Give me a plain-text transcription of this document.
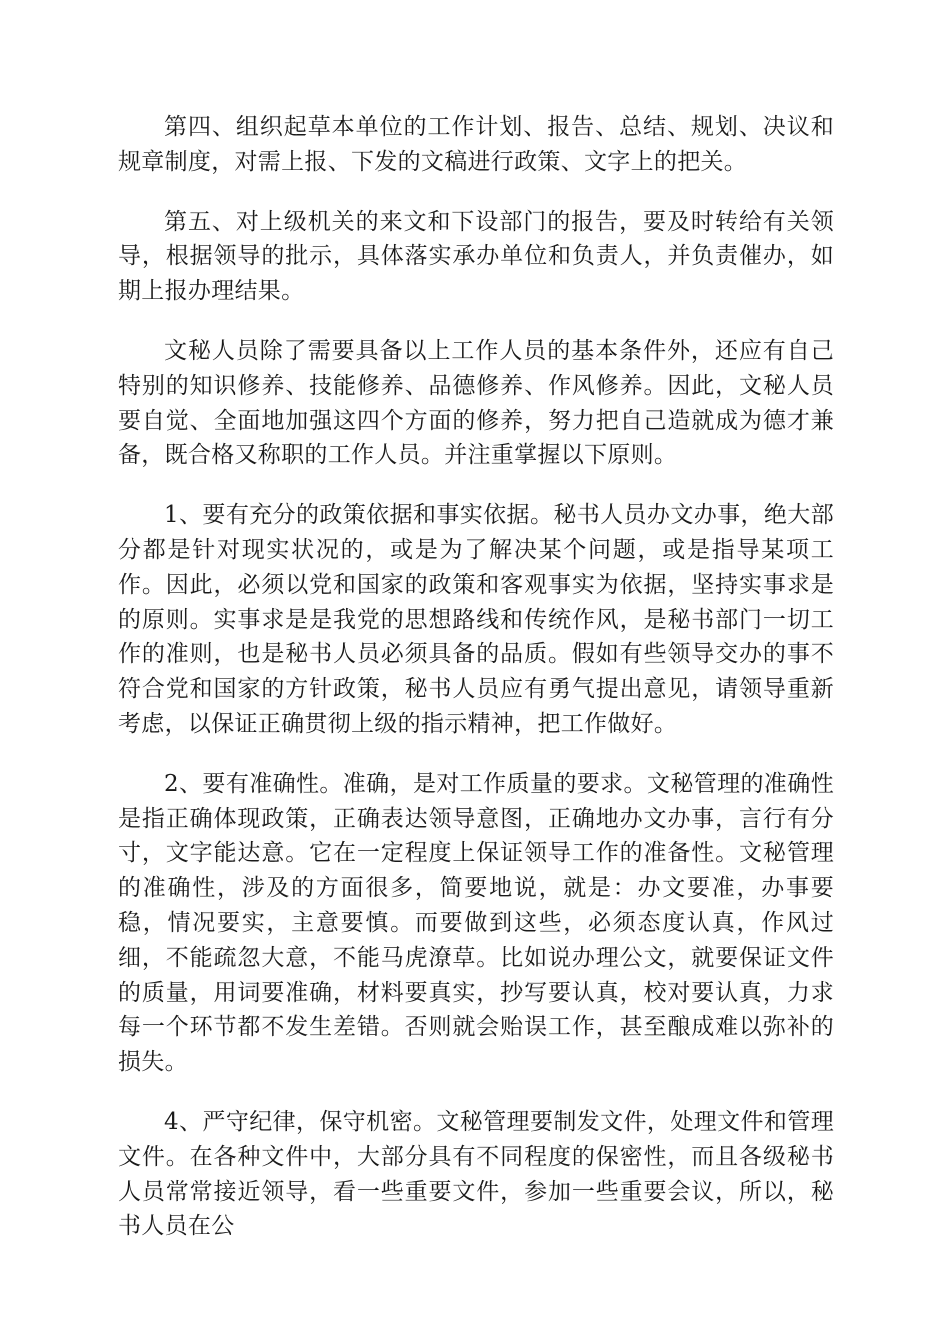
第四、组织起草本单位的工作计划、报告、总结、规划、决议和规章制度，对需上报、下发的文稿进行政策、文字上的把关。

第五、对上级机关的来文和下设部门的报告，要及时转给有关领导，根据领导的批示，具体落实承办单位和负责人，并负责催办，如期上报办理结果。

文秘人员除了需要具备以上工作人员的基本条件外，还应有自己特别的知识修养、技能修养、品德修养、作风修养。因此，文秘人员要自觉、全面地加强这四个方面的修养，努力把自己造就成为德才兼备，既合格又称职的工作人员。并注重掌握以下原则。

1、要有充分的政策依据和事实依据。秘书人员办文办事，绝大部分都是针对现实状况的，或是为了解决某个问题，或是指导某项工作。因此，必须以党和国家的政策和客观事实为依据，坚持实事求是的原则。实事求是是我党的思想路线和传统作风，是秘书部门一切工作的准则，也是秘书人员必须具备的品质。假如有些领导交办的事不符合党和国家的方针政策，秘书人员应有勇气提出意见，请领导重新考虑，以保证正确贯彻上级的指示精神，把工作做好。

2、要有准确性。准确，是对工作质量的要求。文秘管理的准确性是指正确体现政策，正确表达领导意图，正确地办文办事，言行有分寸，文字能达意。它在一定程度上保证领导工作的准备性。文秘管理的准确性，涉及的方面很多，简要地说，就是：办文要准，办事要稳，情况要实，主意要慎。而要做到这些，必须态度认真，作风过细，不能疏忽大意，不能马虎潦草。比如说办理公文，就要保证文件的质量，用词要准确，材料要真实，抄写要认真，校对要认真，力求每一个环节都不发生差错。否则就会贻误工作，甚至酿成难以弥补的损失。

4、严守纪律，保守机密。文秘管理要制发文件，处理文件和管理文件。在各种文件中，大部分具有不同程度的保密性，而且各级秘书人员常常接近领导，看一些重要文件，参加一些重要会议，所以，秘书人员在公
